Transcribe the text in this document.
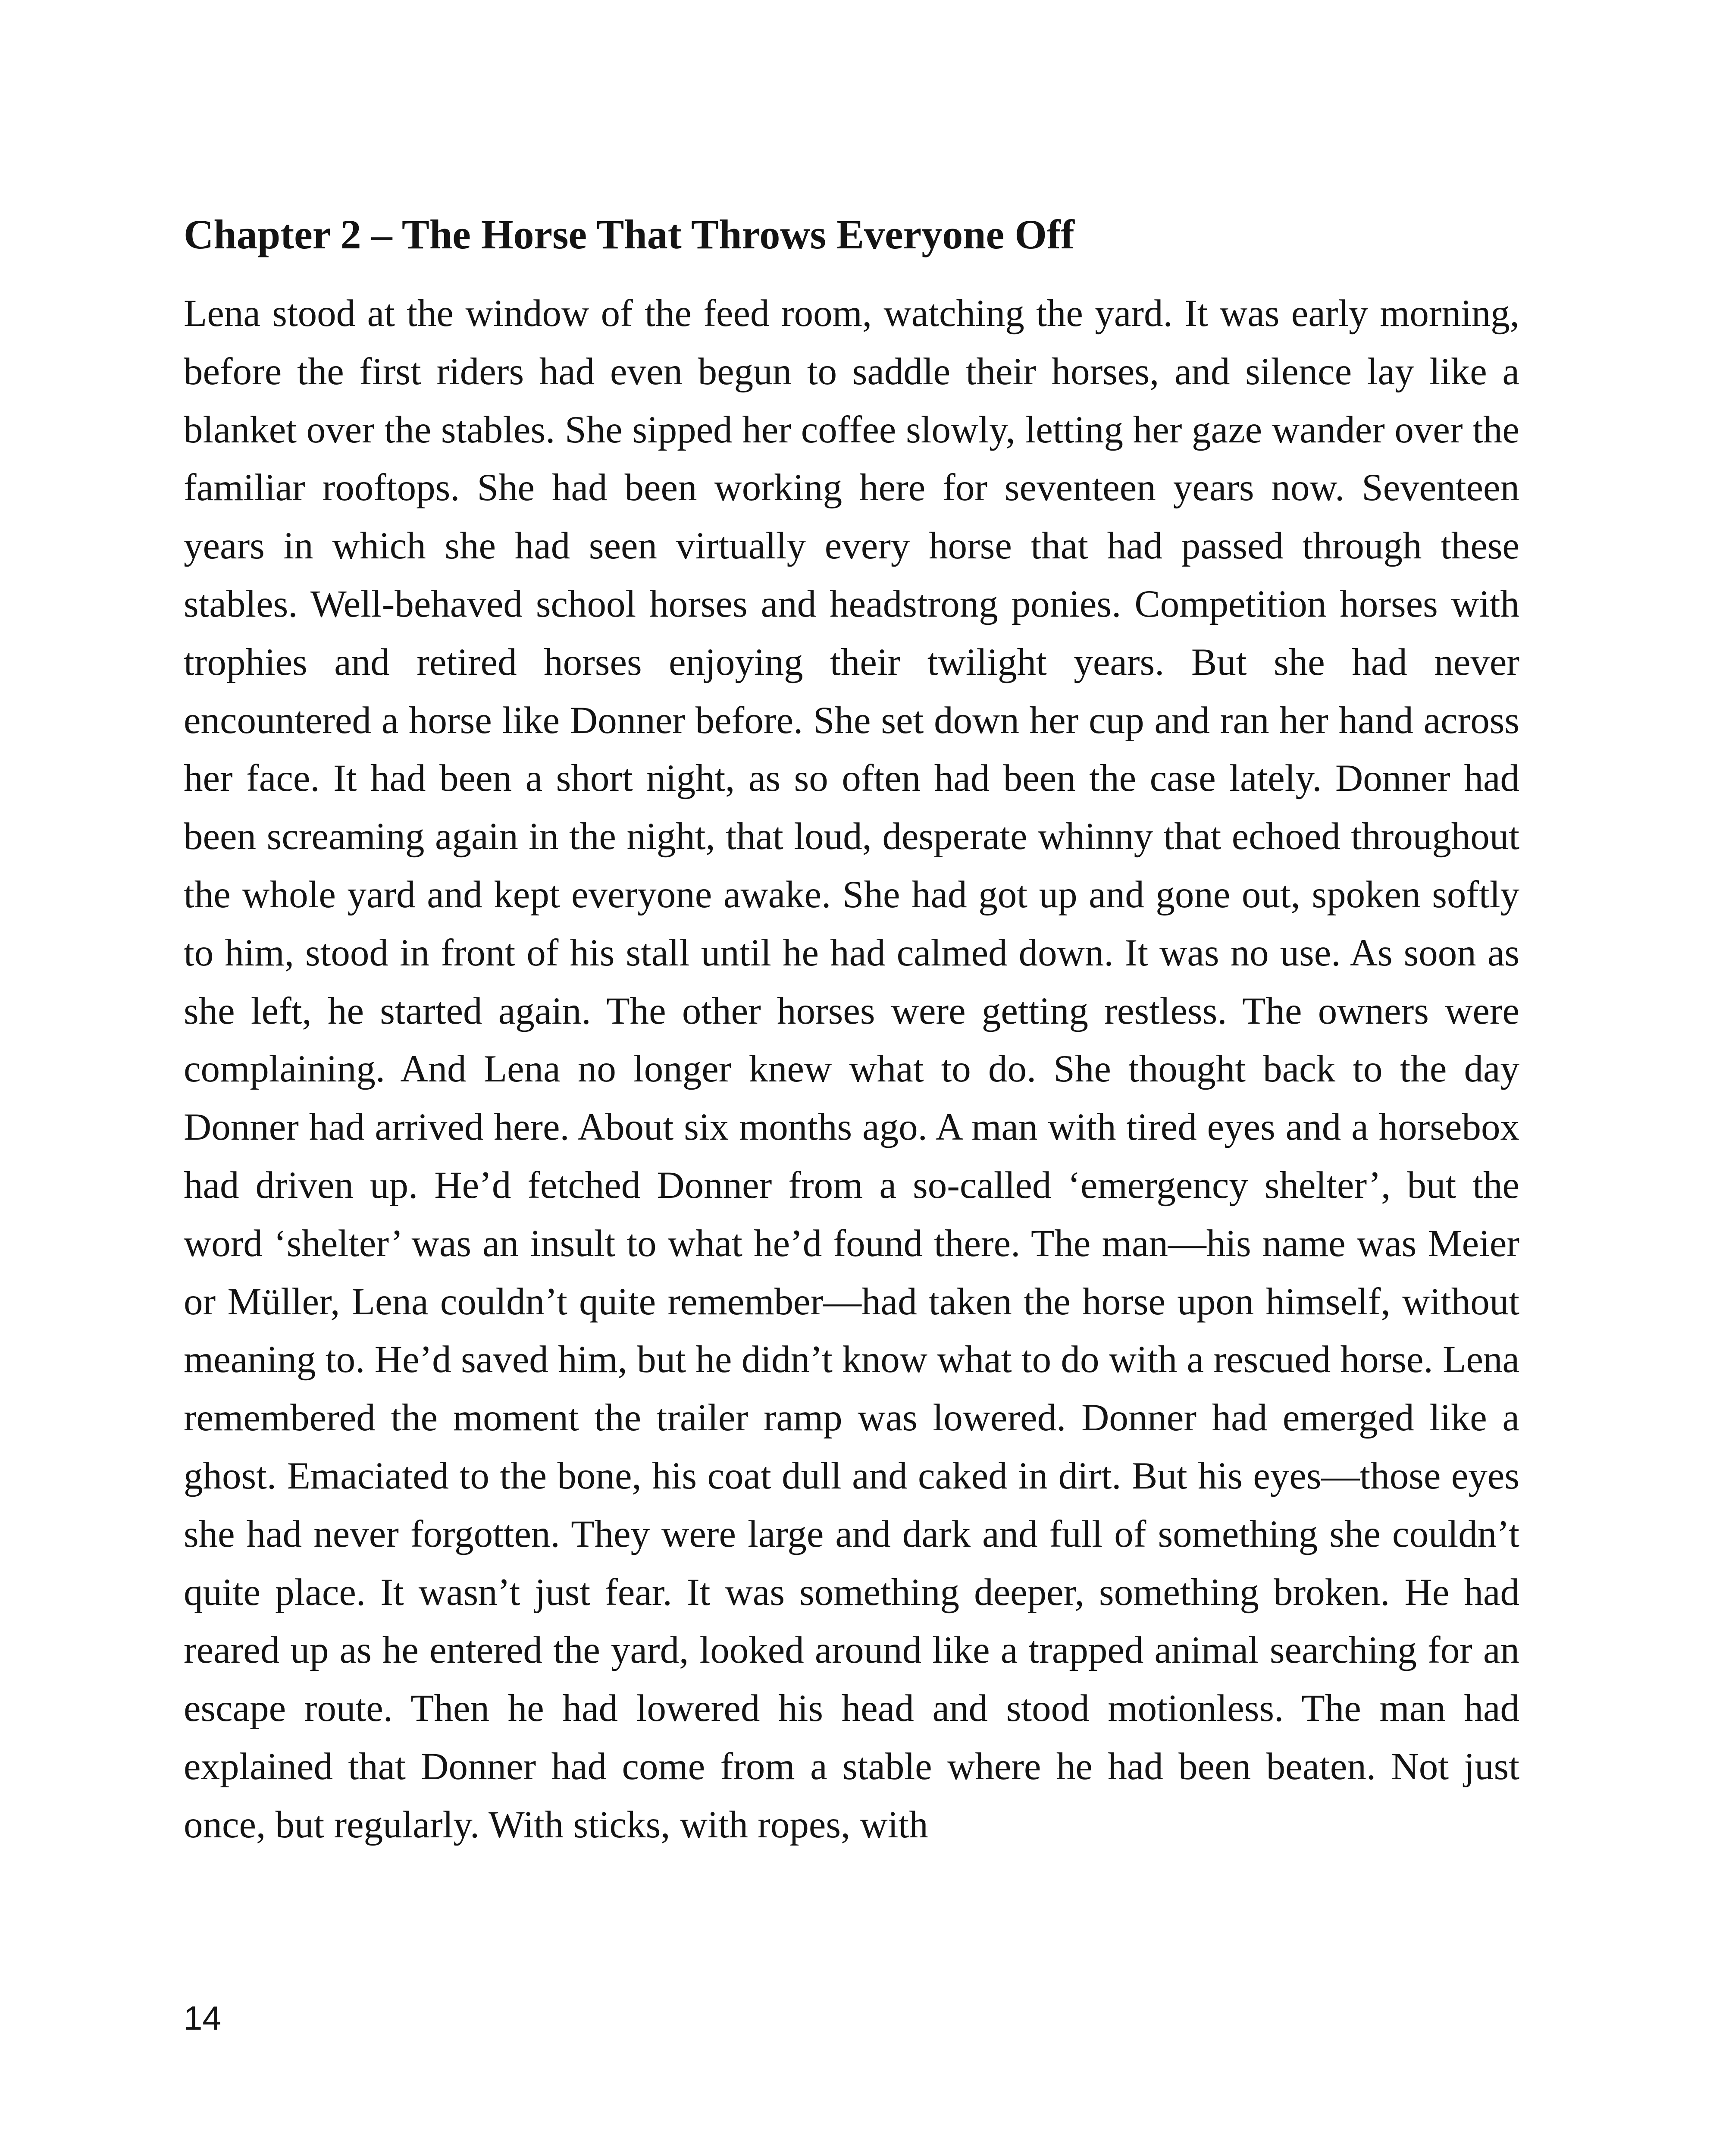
Chapter 2 – The Horse That Throws Everyone Off

Lena stood at the window of the feed room, watching the yard. It was early morning, before the first riders had even begun to saddle their horses, and silence lay like a blanket over the stables. She sipped her coffee slowly, letting her gaze wander over the familiar rooftops. She had been working here for seventeen years now. Seventeen years in which she had seen virtually every horse that had passed through these stables. Well-behaved school horses and headstrong ponies. Competition horses with trophies and retired horses enjoying their twilight years. But she had never encountered a horse like Donner before. She set down her cup and ran her hand across her face. It had been a short night, as so often had been the case lately. Donner had been screaming again in the night, that loud, desperate whinny that echoed throughout the whole yard and kept everyone awake. She had got up and gone out, spoken softly to him, stood in front of his stall until he had calmed down. It was no use. As soon as she left, he started again. The other horses were getting restless. The owners were complaining. And Lena no longer knew what to do. She thought back to the day Donner had arrived here. About six months ago. A man with tired eyes and a horsebox had driven up. He’d fetched Donner from a so-called ‘emergency shelter’, but the word ‘shelter’ was an insult to what he’d found there. The man—his name was Meier or Müller, Lena couldn’t quite remember—had taken the horse upon himself, without meaning to. He’d saved him, but he didn’t know what to do with a rescued horse. Lena remembered the moment the trailer ramp was lowered. Donner had emerged like a ghost. Emaciated to the bone, his coat dull and caked in dirt. But his eyes—those eyes she had never forgotten. They were large and dark and full of something she couldn’t quite place. It wasn’t just fear. It was something deeper, something broken. He had reared up as he entered the yard, looked around like a trapped animal searching for an escape route. Then he had lowered his head and stood motionless. The man had explained that Donner had come from a stable where he had been beaten. Not just once, but regularly. With sticks, with ropes, with

14
